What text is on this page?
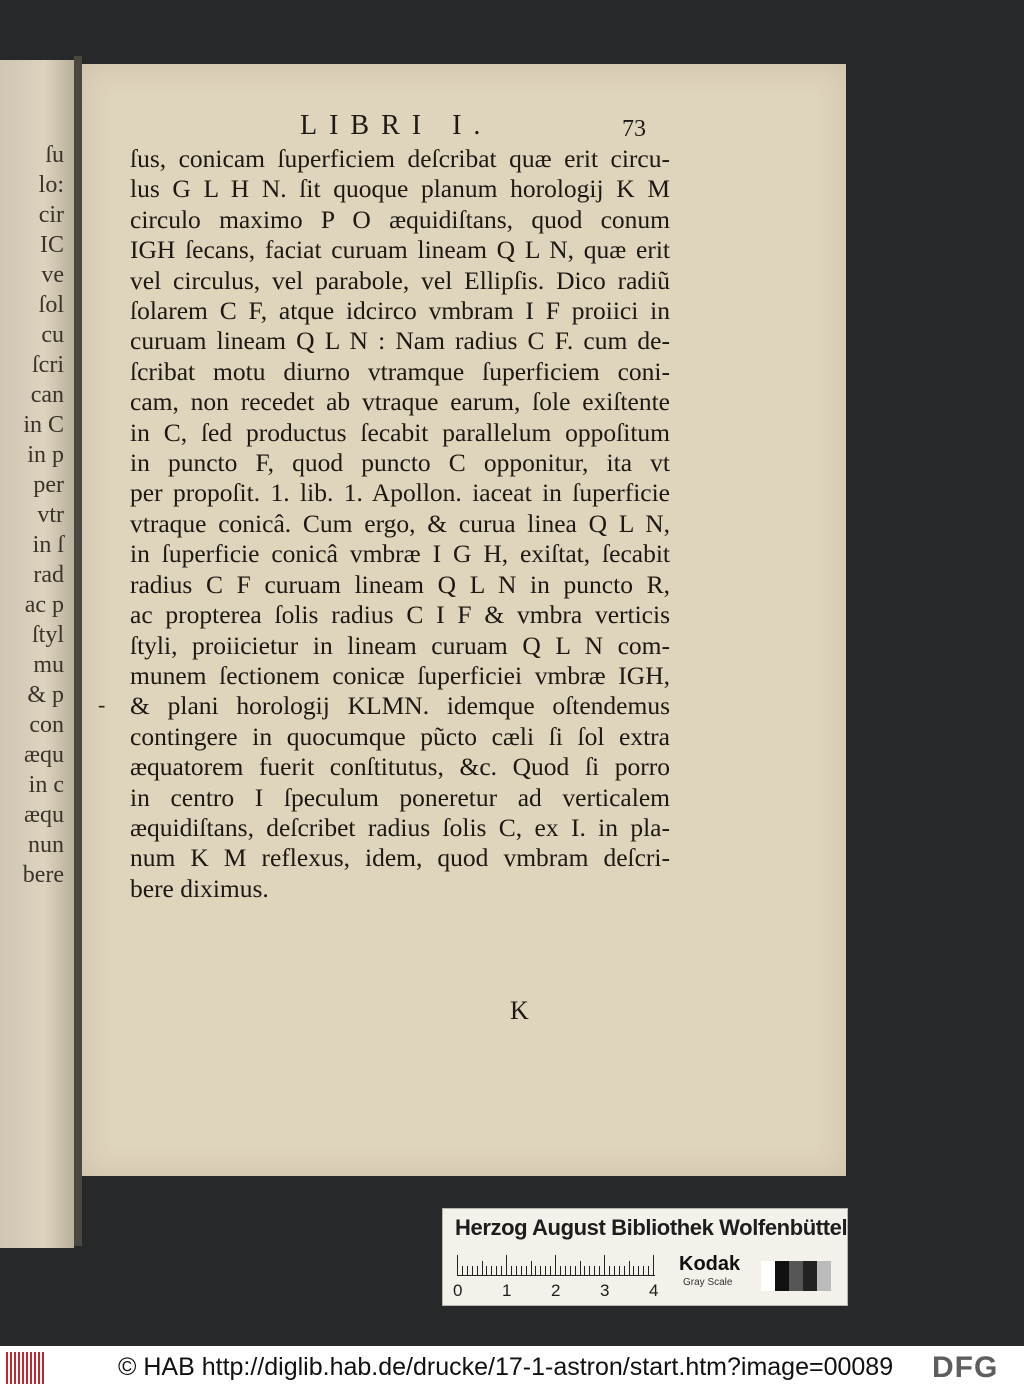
ſu
lo:
cir
IC
ve
ſol
cu
ſcri
can
in C
in p
per
vtr
in ſ
rad
ac p
ſtyl
mu
& p
con
æqu
in c
æqu
nun
bere
LIBRI I.	73
-
ſus, conicam ſuperficiem deſcribat quæ erit circu-
lus G L H N. ſit quoque planum horologij K M
circulo maximo P O æquidiſtans, quod conum
IGH ſecans, faciat curuam lineam Q L N, quæ erit
vel circulus, vel parabole, vel Ellipſis. Dico radiũ
ſolarem C F, atque idcirco vmbram I F proiici in
curuam lineam Q L N : Nam radius C F. cum de-
ſcribat motu diurno vtramque ſuperficiem coni-
cam, non recedet ab vtraque earum, ſole exiſtente
in C, ſed productus ſecabit parallelum oppoſitum
in puncto F, quod puncto C opponitur, ita vt
per propoſit. 1. lib. 1. Apollon. iaceat in ſuperficie
vtraque conicâ. Cum ergo, & curua linea Q L N,
in ſuperficie conicâ vmbræ I G H, exiſtat, ſecabit
radius C F curuam lineam Q L N in puncto R,
ac propterea ſolis radius C I F & vmbra verticis
ſtyli, proiicietur in lineam curuam Q L N com-
munem ſectionem conicæ ſuperficiei vmbræ IGH,
& plani horologij KLMN. idemque oſtendemus
contingere in quocumque pũcto cæli ſi ſol extra
æquatorem fuerit conſtitutus, &c. Quod ſi porro
in centro I ſpeculum poneretur ad verticalem
æquidiſtans, deſcribet radius ſolis C, ex I. in pla-
num K M reflexus, idem, quod vmbram deſcri-
bere diximus.
K
Herzog August Bibliothek Wolfenbüttel
0 1 2 3 4
Kodak
Gray Scale
© HAB http://diglib.hab.de/drucke/17-1-astron/start.htm?image=00089 DFG
